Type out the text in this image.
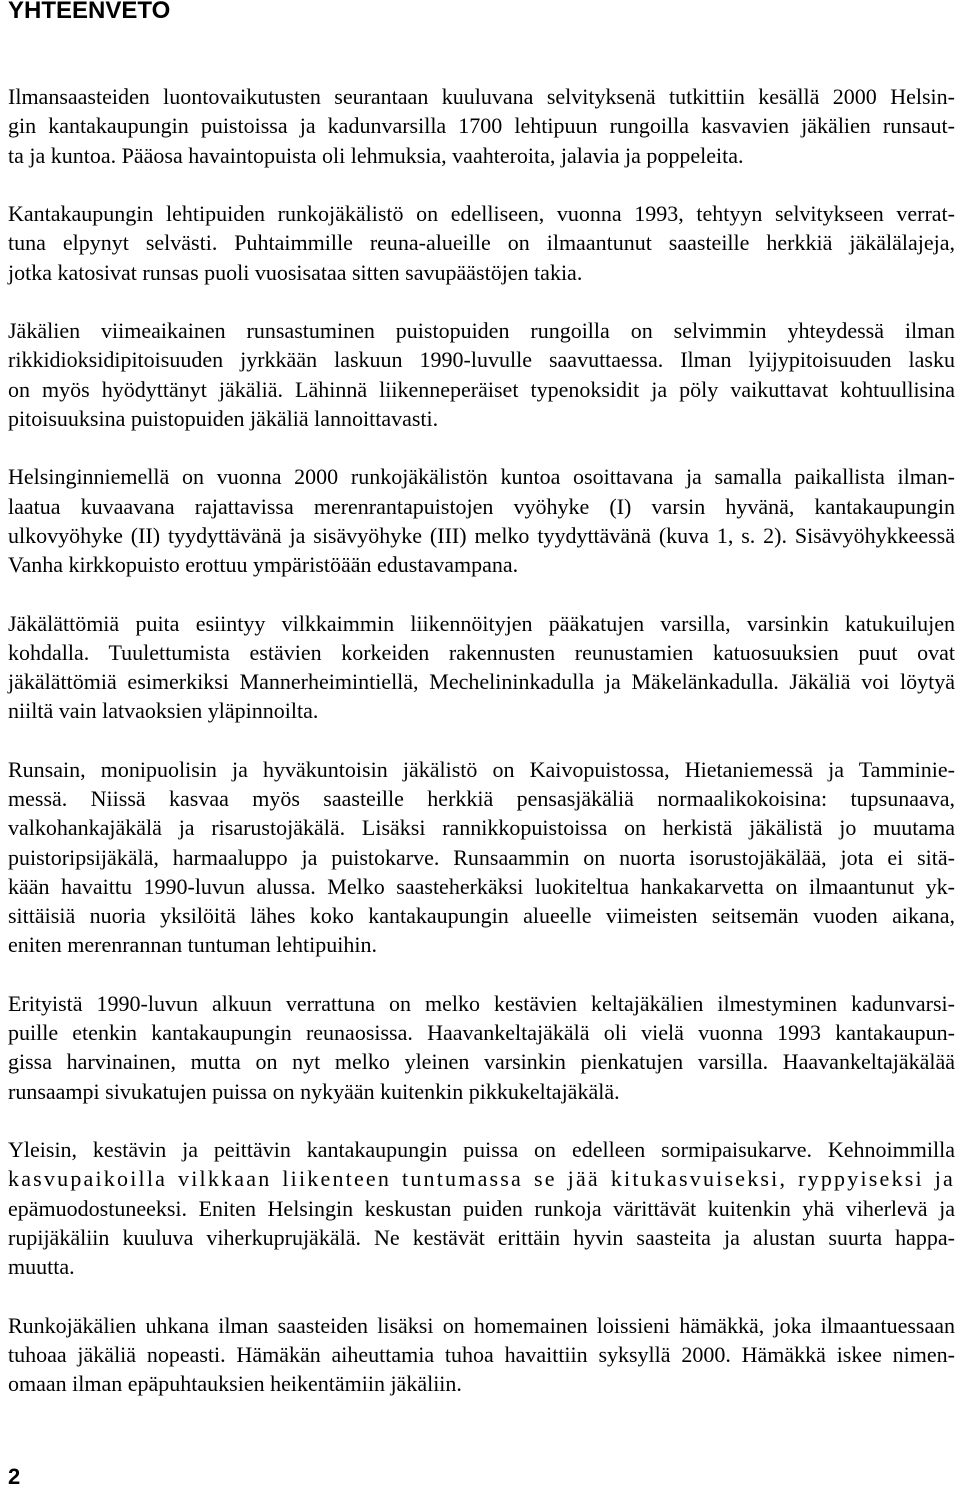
YHTEENVETO

Ilmansaasteiden luontovaikutusten seurantaan kuuluvana selvityksenä tutkittiin kesällä 2000 Helsin-
gin kantakaupungin puistoissa ja kadunvarsilla 1700 lehtipuun rungoilla kasvavien jäkälien runsaut-
ta ja kuntoa. Pääosa havaintopuista oli lehmuksia, vaahteroita, jalavia ja poppeleita.

Kantakaupungin lehtipuiden runkojäkälistö on edelliseen, vuonna 1993, tehtyyn selvitykseen verrat-
tuna elpynyt selvästi. Puhtaimmille reuna-alueille on ilmaantunut saasteille herkkiä jäkälälajeja,
jotka katosivat runsas puoli vuosisataa sitten savupäästöjen takia.

Jäkälien viimeaikainen runsastuminen puistopuiden rungoilla on selvimmin yhteydessä ilman
rikkidioksidipitoisuuden jyrkkään laskuun 1990-luvulle saavuttaessa. Ilman lyijypitoisuuden lasku
on myös hyödyttänyt jäkäliä. Lähinnä liikenneperäiset typenoksidit ja pöly vaikuttavat kohtuullisina
pitoisuuksina puistopuiden jäkäliä lannoittavasti.

Helsinginniemellä on vuonna 2000 runkojäkälistön kuntoa osoittavana ja samalla paikallista ilman-
laatua kuvaavana rajattavissa merenrantapuistojen vyöhyke (I) varsin hyvänä, kantakaupungin
ulkovyöhyke (II) tyydyttävänä ja sisävyöhyke (III) melko tyydyttävänä (kuva 1, s. 2). Sisävyöhykkeessä
Vanha kirkkopuisto erottuu ympäristöään edustavampana.

Jäkälättömiä puita esiintyy vilkkaimmin liikennöityjen pääkatujen varsilla, varsinkin katukuilujen
kohdalla. Tuulettumista estävien korkeiden rakennusten reunustamien katuosuuksien puut ovat
jäkälättömiä esimerkiksi Mannerheimintiellä, Mechelininkadulla ja Mäkelänkadulla. Jäkäliä voi löytyä
niiltä vain latvaoksien yläpinnoilta.

Runsain, monipuolisin ja hyväkuntoisin jäkälistö on Kaivopuistossa, Hietaniemessä ja Tamminie-
messä. Niissä kasvaa myös saasteille herkkiä pensasjäkäliä normaalikokoisina: tupsunaava,
valkohankajäkälä ja risarustojäkälä. Lisäksi rannikkopuistoissa on herkistä jäkälistä jo muutama
puistoripsijäkälä, harmaaluppo ja puistokarve. Runsaammin on nuorta isorustojäkälää, jota ei sitä-
kään havaittu 1990-luvun alussa. Melko saasteherkäksi luokiteltua hankakarvetta on ilmaantunut yk-
sittäisiä nuoria yksilöitä lähes koko kantakaupungin alueelle viimeisten seitsemän vuoden aikana,
eniten merenrannan tuntuman lehtipuihin.

Erityistä 1990-luvun alkuun verrattuna on melko kestävien keltajäkälien ilmestyminen kadunvarsi-
puille etenkin kantakaupungin reunaosissa. Haavankeltajäkälä oli vielä vuonna 1993 kantakaupun-
gissa harvinainen, mutta on nyt melko yleinen varsinkin pienkatujen varsilla. Haavankeltajäkälää
runsaampi sivukatujen puissa on nykyään kuitenkin pikkukeltajäkälä.

Yleisin, kestävin ja peittävin kantakaupungin puissa on edelleen sormipaisukarve. Kehnoimmilla
kasvupaikoilla vilkkaan liikenteen tuntumassa se jää kitukasvuiseksi, ryppyiseksi ja
epämuodostuneeksi. Eniten Helsingin keskustan puiden runkoja värittävät kuitenkin yhä viherlevä ja
rupijäkäliin kuuluva viherkuprujäkälä. Ne kestävät erittäin hyvin saasteita ja alustan suurta happa-
muutta.

Runkojäkälien uhkana ilman saasteiden lisäksi on homemainen loissieni hämäkkä, joka ilmaantuessaan
tuhoaa jäkäliä nopeasti. Hämäkän aiheuttamia tuhoa havaittiin syksyllä 2000. Hämäkkä iskee nimen-
omaan ilman epäpuhtauksien heikentämiin jäkäliin.

2
